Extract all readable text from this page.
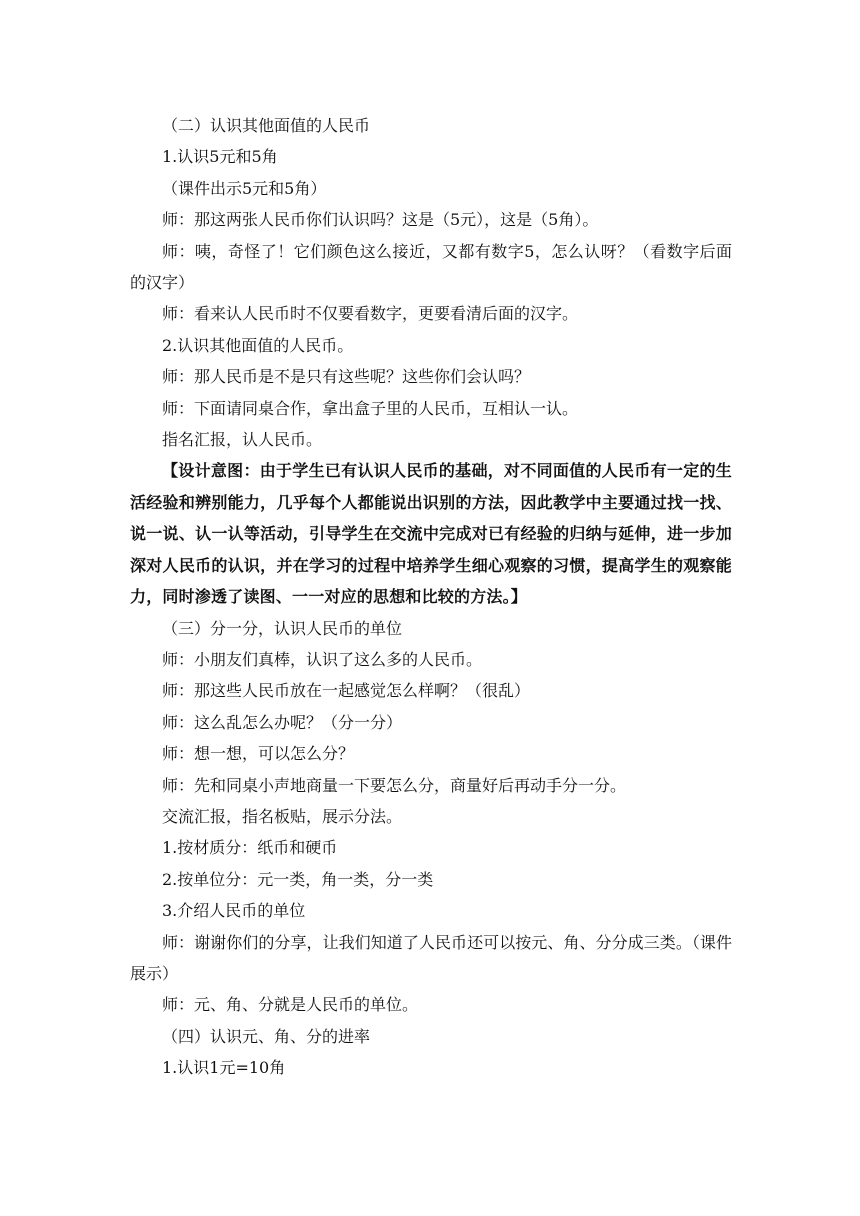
（二）认识其他面值的人民币

1.认识5元和5角

（课件出示5元和5角）

师：那这两张人民币你们认识吗？这是（5元），这是（5角）。

师：咦，奇怪了！它们颜色这么接近，又都有数字5，怎么认呀？（看数字后面的汉字）

师：看来认人民币时不仅要看数字，更要看清后面的汉字。

2.认识其他面值的人民币。

师：那人民币是不是只有这些呢？这些你们会认吗？

师：下面请同桌合作，拿出盒子里的人民币，互相认一认。

指名汇报，认人民币。

【设计意图：由于学生已有认识人民币的基础，对不同面值的人民币有一定的生活经验和辨别能力，几乎每个人都能说出识别的方法，因此教学中主要通过找一找、说一说、认一认等活动，引导学生在交流中完成对已有经验的归纳与延伸，进一步加深对人民币的认识，并在学习的过程中培养学生细心观察的习惯，提高学生的观察能力，同时渗透了读图、一一对应的思想和比较的方法。】

（三）分一分，认识人民币的单位

师：小朋友们真棒，认识了这么多的人民币。

师：那这些人民币放在一起感觉怎么样啊？（很乱）

师：这么乱怎么办呢？（分一分）

师：想一想，可以怎么分？

师：先和同桌小声地商量一下要怎么分，商量好后再动手分一分。

交流汇报，指名板贴，展示分法。

1.按材质分：纸币和硬币

2.按单位分：元一类，角一类，分一类

3.介绍人民币的单位

师：谢谢你们的分享，让我们知道了人民币还可以按元、角、分分成三类。（课件展示）

师：元、角、分就是人民币的单位。

（四）认识元、角、分的进率

1.认识1元=10角
